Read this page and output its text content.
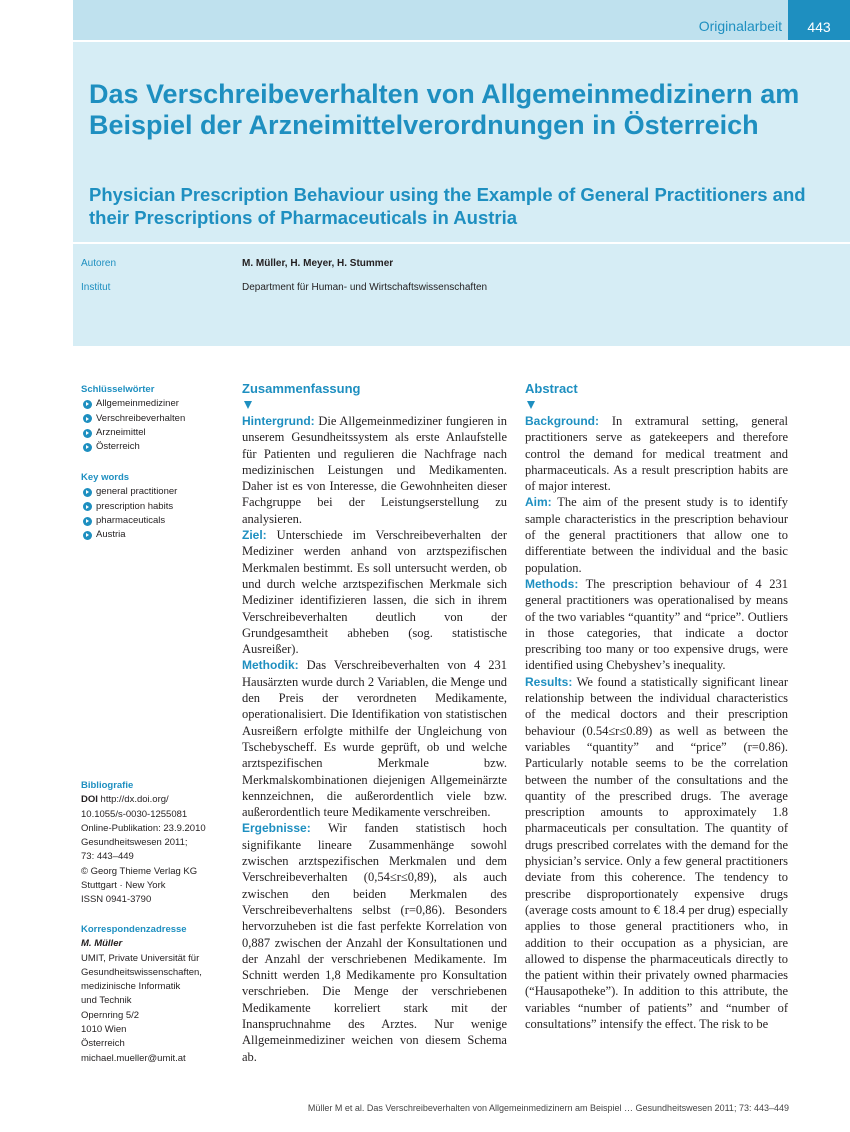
Originalarbeit	443
Das Verschreibeverhalten von Allgemeinmedizinern am Beispiel der Arzneimittelverordnungen in Österreich
Physician Prescription Behaviour using the Example of General Practitioners and their Prescriptions of Pharmaceuticals in Austria
Autoren	M. Müller, H. Meyer, H. Stummer
Institut	Department für Human- und Wirtschaftswissenschaften
Schlüsselwörter
Allgemeinmediziner
Verschreibeverhalten
Arzneimittel
Österreich
Key words
general practitioner
prescription habits
pharmaceuticals
Austria
Bibliografie
DOI http://dx.doi.org/
10.1055/s-0030-1255081
Online-Publikation: 23.9.2010
Gesundheitswesen 2011;
73: 443–449
© Georg Thieme Verlag KG
Stuttgart · New York
ISSN 0941-3790
Korrespondenzadresse
M. Müller
UMIT, Private Universität für
Gesundheitswissenschaften,
medizinische Informatik
und Technik
Opernring 5/2
1010 Wien
Österreich
michael.mueller@umit.at
Zusammenfassung

Hintergrund: Die Allgemeinmediziner fungieren in unserem Gesundheitssystem als erste Anlaufstelle für Patienten und regulieren die Nachfrage nach medizinischen Leistungen und Medikamenten. Daher ist es von Interesse, die Gewohnheiten dieser Fachgruppe bei der Leistungserstellung zu analysieren.

Ziel: Unterschiede im Verschreibeverhalten der Mediziner werden anhand von arztspezifischen Merkmalen bestimmt. Es soll untersucht werden, ob und durch welche arztspezifischen Merkmale sich Mediziner identifizieren lassen, die sich in ihrem Verschreibeverhalten deutlich von der Grundgesamtheit abheben (sog. statistische Ausreißer).

Methodik: Das Verschreibeverhalten von 4 231 Hausärzten wurde durch 2 Variablen, die Menge und den Preis der verordneten Medikamente, operationalisiert. Die Identifikation von statistischen Ausreißern erfolgte mithilfe der Ungleichung von Tschebyscheff. Es wurde geprüft, ob und welche arztspezifischen Merkmale bzw. Merkmalskombinationen diejenigen Allgemeinärzte kennzeichnen, die außerordentlich viele bzw. außerordentlich teure Medikamente verschreiben.

Ergebnisse: Wir fanden statistisch hoch signifikante lineare Zusammenhänge sowohl zwischen arztspezifischen Merkmalen und dem Verschreibeverhalten (0,54≤r≤0,89), als auch zwischen den beiden Merkmalen des Verschreibeverhaltens selbst (r=0,86). Besonders hervorzuheben ist die fast perfekte Korrelation von 0,887 zwischen der Anzahl der Konsultationen und der Anzahl der verschriebenen Medikamente. Im Schnitt werden 1,8 Medikamente pro Konsultation verschrieben. Die Menge der verschriebenen Medikamente korreliert stark mit der Inanspruchnahme des Arztes. Nur wenige Allgemeinmediziner weichen von diesem Schema ab.

Abstract

Background: In extramural setting, general practitioners serve as gatekeepers and therefore control the demand for medical treatment and pharmaceuticals. As a result prescription habits are of major interest.

Aim: The aim of the present study is to identify sample characteristics in the prescription behaviour of the general practitioners that allow one to differentiate between the individual and the basic population.

Methods: The prescription behaviour of 4 231 general practitioners was operationalised by means of the two variables “quantity” and “price”. Outliers in those categories, that indicate a doctor prescribing too many or too expensive drugs, were identified using Chebyshev’s inequality.

Results: We found a statistically significant linear relationship between the individual characteristics of the medical doctors and their prescription behaviour (0.54≤r≤0.89) as well as between the variables “quantity” and “price” (r=0.86). Particularly notable seems to be the correlation between the number of the consultations and the quantity of the prescribed drugs. The average prescription amounts to approximately 1.8 pharmaceuticals per consultation. The quantity of drugs prescribed correlates with the demand for the physician’s service. Only a few general practitioners deviate from this coherence. The tendency to prescribe disproportionately expensive drugs (average costs amount to € 18.4 per drug) especially applies to those general practitioners who, in addition to their occupation as a physician, are allowed to dispense the pharmaceuticals directly to the patient within their privately owned pharmacies (“Hausapotheke”). In addition to this attribute, the variables “number of patients” and “number of consultations” intensify the effect. The risk to be

Müller M et al. Das Verschreibeverhalten von Allgemeinmedizinern am Beispiel … Gesundheitswesen 2011; 73: 443–449
